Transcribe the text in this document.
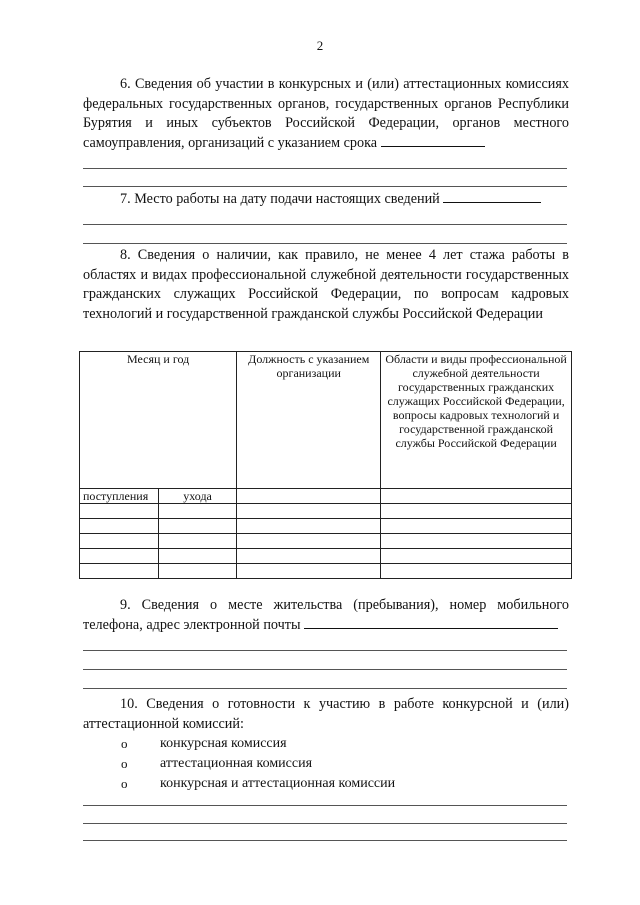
2
6. Сведения об участии в конкурсных и (или) аттестационных комиссиях федеральных государственных органов, государственных органов Республики Бурятия и иных субъектов Российской Федерации, органов местного самоуправления, организаций с указанием срока
7. Место работы на дату подачи настоящих сведений
8. Сведения о наличии, как правило, не менее 4 лет стажа работы в областях и видах профессиональной служебной деятельности государственных гражданских служащих Российской Федерации, по вопросам кадровых технологий и государственной гражданской службы Российской Федерации
Месяц и год		Должность с указанием организации	Области и виды профессиональной служебной деятельности государственных гражданских служащих Российской Федерации, вопросы кадровых технологий и государственной гражданской службы Российской Федерации
поступления	ухода		

9. Сведения о месте жительства (пребывания), номер мобильного телефона, адрес электронной почты
10. Сведения о готовности к участию в работе конкурсной и (или) аттестационной комиссий:
o конкурсная комиссия
o аттестационная комиссия
o конкурсная и аттестационная комиссии
